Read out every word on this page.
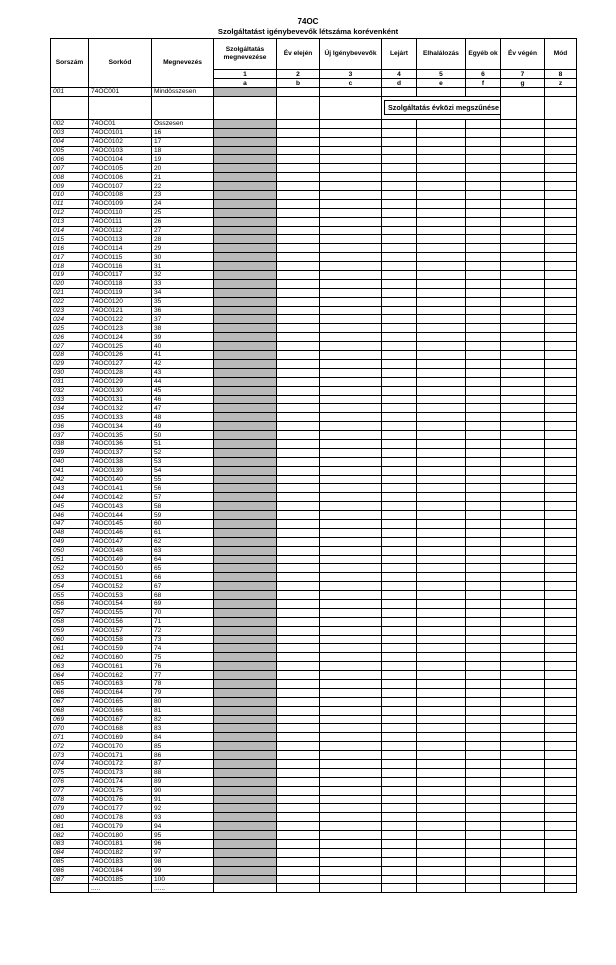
74OC
Szolgáltatást igénybevevők létszáma korévenként
Sorszám	Sorkód	Megnevezés	Szolgáltatás megnevezése	Év elején	Új Igénybevevők	Lejárt	Elhalálozás	Egyéb ok	Év végén	Mód
			1	2	3	4	5	6	7	8
			a	b	c	d	e	f	g	z
001	74OC001	Mindösszesen								
						Szolgáltatás évközi megszűnése				
002	74OC01	Összesen								
003	74OC0101	16								
004	74OC0102	17								
005	74OC0103	18								
006	74OC0104	19								
007	74OC0105	20								
008	74OC0106	21								
009	74OC0107	22								
010	74OC0108	23								
011	74OC0109	24								
012	74OC0110	25								
013	74OC0111	26								
014	74OC0112	27								
015	74OC0113	28								
016	74OC0114	29								
017	74OC0115	30								
018	74OC0116	31								
019	74OC0117	32								
020	74OC0118	33								
021	74OC0119	34								
022	74OC0120	35								
023	74OC0121	36								
024	74OC0122	37								
025	74OC0123	38								
026	74OC0124	39								
027	74OC0125	40								
028	74OC0126	41								
029	74OC0127	42								
030	74OC0128	43								
031	74OC0129	44								
032	74OC0130	45								
033	74OC0131	46								
034	74OC0132	47								
035	74OC0133	48								
036	74OC0134	49								
037	74OC0135	50								
038	74OC0136	51								
039	74OC0137	52								
040	74OC0138	53								
041	74OC0139	54								
042	74OC0140	55								
043	74OC0141	56								
044	74OC0142	57								
045	74OC0143	58								
046	74OC0144	59								
047	74OC0145	60								
048	74OC0146	61								
049	74OC0147	62								
050	74OC0148	63								
051	74OC0149	64								
052	74OC0150	65								
053	74OC0151	66								
054	74OC0152	67								
055	74OC0153	68								
056	74OC0154	69								
057	74OC0155	70								
058	74OC0156	71								
059	74OC0157	72								
060	74OC0158	73								
061	74OC0159	74								
062	74OC0160	75								
063	74OC0161	76								
064	74OC0162	77								
065	74OC0163	78								
066	74OC0164	79								
067	74OC0165	80								
068	74OC0166	81								
069	74OC0167	82								
070	74OC0168	83								
071	74OC0169	84								
072	74OC0170	85								
073	74OC0171	86								
074	74OC0172	87								
075	74OC0173	88								
076	74OC0174	89								
077	74OC0175	90								
078	74OC0176	91								
079	74OC0177	92								
080	74OC0178	93								
081	74OC0179	94								
082	74OC0180	95								
083	74OC0181	96								
084	74OC0182	97								
085	74OC0183	98								
086	74OC0184	99								
087	74OC0185	100								
	.....	......								
